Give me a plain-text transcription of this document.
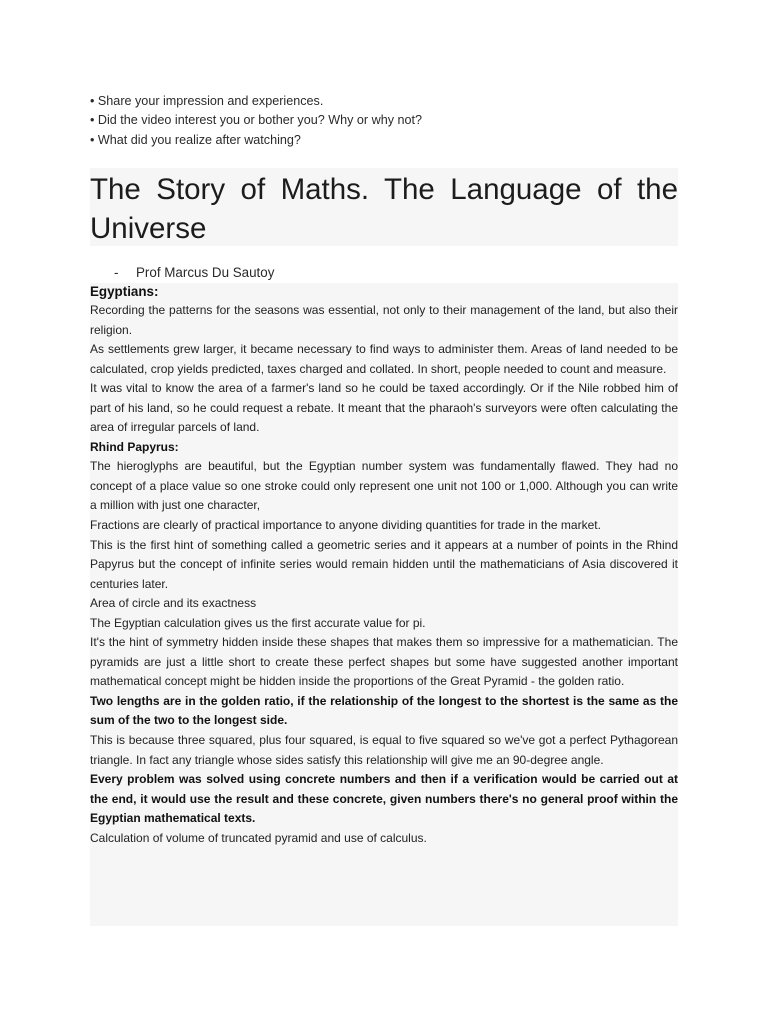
• Share your impression and experiences.
• Did the video interest you or bother you? Why or why not?
• What did you realize after watching?
The Story of Maths. The Language of the Universe
- Prof Marcus Du Sautoy
Egyptians:

Recording the patterns for the seasons was essential, not only to their management of the land, but also their religion.

As settlements grew larger, it became necessary to find ways to administer them. Areas of land needed to be calculated, crop yields predicted, taxes charged and collated. In short, people needed to count and measure.

It was vital to know the area of a farmer's land so he could be taxed accordingly. Or if the Nile robbed him of part of his land, so he could request a rebate. It meant that the pharaoh's surveyors were often calculating the area of irregular parcels of land.

Rhind Papyrus:

The hieroglyphs are beautiful, but the Egyptian number system was fundamentally flawed. They had no concept of a place value so one stroke could only represent one unit not 100 or 1,000. Although you can write a million with just one character,

Fractions are clearly of practical importance to anyone dividing quantities for trade in the market.

This is the first hint of something called a geometric series and it appears at a number of points in the Rhind Papyrus but the concept of infinite series would remain hidden until the mathematicians of Asia discovered it centuries later.

Area of circle and its exactness

The Egyptian calculation gives us the first accurate value for pi.

It's the hint of symmetry hidden inside these shapes that makes them so impressive for a mathematician. The pyramids are just a little short to create these perfect shapes but some have suggested another important mathematical concept might be hidden inside the proportions of the Great Pyramid - the golden ratio.

Two lengths are in the golden ratio, if the relationship of the longest to the shortest is the same as the sum of the two to the longest side.

This is because three squared, plus four squared, is equal to five squared so we've got a perfect Pythagorean triangle. In fact any triangle whose sides satisfy this relationship will give me an 90-degree angle.

Every problem was solved using concrete numbers and then if a verification would be carried out at the end, it would use the result and these concrete, given numbers there's no general proof within the Egyptian mathematical texts.

Calculation of volume of truncated pyramid and use of calculus.
